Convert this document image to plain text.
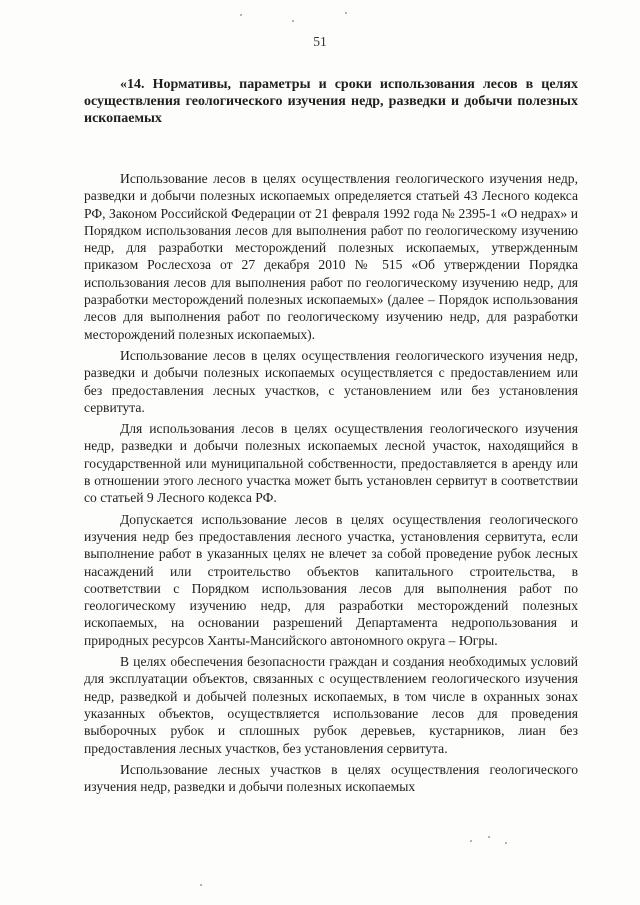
51
«14. Нормативы, параметры и сроки использования лесов в целях осуществления геологического изучения недр, разведки и добычи полезных ископаемых

Использование лесов в целях осуществления геологического изучения недр, разведки и добычи полезных ископаемых определяется статьей 43 Лесного кодекса РФ, Законом Российской Федерации от 21 февраля 1992 года № 2395-1 «О недрах» и Порядком использования лесов для выполнения работ по геологическому изучению недр, для разработки месторождений полезных ископаемых, утвержденным приказом Рослесхоза от 27 декабря 2010 № 515 «Об утверждении Порядка использования лесов для выполнения работ по геологическому изучению недр, для разработки месторождений полезных ископаемых» (далее – Порядок использования лесов для выполнения работ по геологическому изучению недр, для разработки месторождений полезных ископаемых).

Использование лесов в целях осуществления геологического изучения недр, разведки и добычи полезных ископаемых осуществляется с предоставлением или без предоставления лесных участков, с установлением или без установления сервитута.

Для использования лесов в целях осуществления геологического изучения недр, разведки и добычи полезных ископаемых лесной участок, находящийся в государственной или муниципальной собственности, предоставляется в аренду или в отношении этого лесного участка может быть установлен сервитут в соответствии со статьей 9 Лесного кодекса РФ.

Допускается использование лесов в целях осуществления геологического изучения недр без предоставления лесного участка, установления сервитута, если выполнение работ в указанных целях не влечет за собой проведение рубок лесных насаждений или строительство объектов капитального строительства, в соответствии с Порядком использования лесов для выполнения работ по геологическому изучению недр, для разработки месторождений полезных ископаемых, на основании разрешений Департамента недропользования и природных ресурсов Ханты-Мансийского автономного округа – Югры.

В целях обеспечения безопасности граждан и создания необходимых условий для эксплуатации объектов, связанных с осуществлением геологического изучения недр, разведкой и добычей полезных ископаемых, в том числе в охранных зонах указанных объектов, осуществляется использование лесов для проведения выборочных рубок и сплошных рубок деревьев, кустарников, лиан без предоставления лесных участков, без установления сервитута.

Использование лесных участков в целях осуществления геологического изучения недр, разведки и добычи полезных ископаемых
